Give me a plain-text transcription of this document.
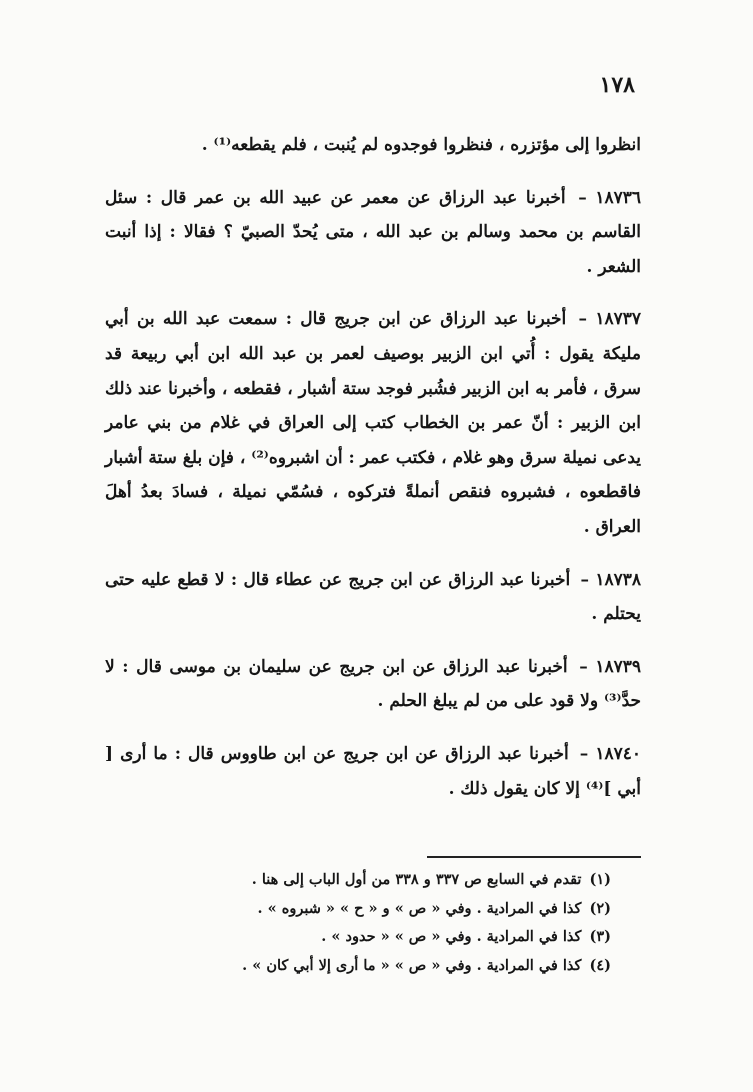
١٧٨

انظروا إلى مؤتزره ، فنظروا فوجدوه لم يُنبت ، فلم يقطعه⁽¹⁾ .

١٨٧٣٦ – أخبرنا عبد الرزاق عن معمر عن عبيد الله بن عمر قال : سئل القاسم بن محمد وسالم بن عبد الله ، متى يُحدّ الصبيّ ؟ فقالا : إذا أنبت الشعر .

١٨٧٣٧ – أخبرنا عبد الرزاق عن ابن جريج قال : سمعت عبد الله بن أبي مليكة يقول : أُتي ابن الزبير بوصيف لعمر بن عبد الله ابن أبي ربيعة قد سرق ، فأمر به ابن الزبير فشُبر فوجد ستة أشبار ، فقطعه ، وأخبرنا عند ذلك ابن الزبير : أنّ عمر بن الخطاب كتب إلى العراق في غلام من بني عامر يدعى نميلة سرق وهو غلام ، فكتب عمر : أن اشبروه⁽²⁾ ، فإن بلغ ستة أشبار فاقطعوه ، فشبروه فنقص أنملةً فتركوه ، فسُمّي نميلة ، فسادَ بعدُ أهلَ العراق .

١٨٧٣٨ – أخبرنا عبد الرزاق عن ابن جريج عن عطاء قال : لا قطع عليه حتى يحتلم .

١٨٧٣٩ – أخبرنا عبد الرزاق عن ابن جريج عن سليمان بن موسى قال : لا حدَّ⁽³⁾ ولا قود على من لم يبلغ الحلم .

١٨٧٤٠ – أخبرنا عبد الرزاق عن ابن جريج عن ابن طاووس قال : ما أرى [ أبي ]⁽⁴⁾ إلا كان يقول ذلك .

(١)
تقدم في السابع ص ٣٣٧ و ٣٣٨ من أول الباب إلى هنا .
(٢)
كذا في المرادية . وفي « ص » و « ح » « شبروه » .
(٣)
كذا في المرادية . وفي « ص » « حدود » .
(٤)
كذا في المرادية . وفي « ص » « ما أرى إلا أبي كان » .
